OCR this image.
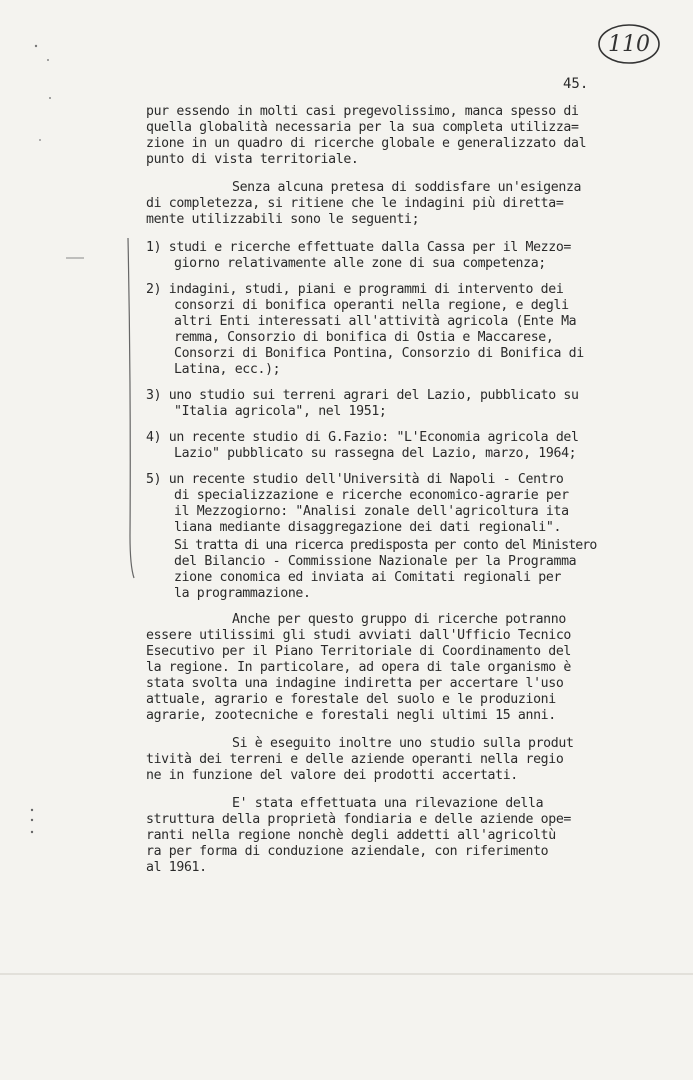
110
45.
pur essendo in molti casi pregevolissimo, manca spesso di
quella globalità necessaria per la sua completa utilizza=
zione in un quadro di ricerche globale e generalizzato dal
punto di vista territoriale.
Senza alcuna pretesa di soddisfare un'esigenza
di completezza, si ritiene che le indagini più diretta=
mente utilizzabili sono le seguenti;
1) studi e ricerche effettuate dalla Cassa per il Mezzo=
giorno relativamente alle zone di sua competenza;
2) indagini, studi, piani e programmi di intervento dei
consorzi di bonifica operanti nella regione, e degli
altri Enti interessati all'attività agricola (Ente Ma
remma, Consorzio di bonifica di Ostia e Maccarese,
Consorzi di Bonifica Pontina, Consorzio di Bonifica di
Latina, ecc.);
3) uno studio sui terreni agrari del Lazio, pubblicato su
"Italia agricola", nel 1951;
4) un recente studio di G.Fazio: "L'Economia agricola del
Lazio" pubblicato su rassegna del Lazio, marzo, 1964;
5) un recente studio dell'Università di Napoli - Centro
di specializzazione e ricerche economico-agrarie per
il Mezzogiorno: "Analisi zonale dell'agricoltura ita
liana mediante disaggregazione dei dati regionali".
Si tratta di una ricerca predisposta per conto del Ministero
del Bilancio - Commissione Nazionale per la Programma
zione conomica ed inviata ai Comitati regionali per
la programmazione.
Anche per questo gruppo di ricerche potranno
essere utilissimi gli studi avviati dall'Ufficio Tecnico
Esecutivo per il Piano Territoriale di Coordinamento del
la regione. In particolare, ad opera di tale organismo è
stata svolta una indagine indiretta per accertare l'uso
attuale, agrario e forestale del suolo e le produzioni
agrarie, zootecniche e forestali negli ultimi 15 anni.
Si è eseguito inoltre uno studio sulla produt
tività dei terreni e delle aziende operanti nella regio
ne in funzione del valore dei prodotti accertati.
E' stata effettuata una rilevazione della
struttura della proprietà fondiaria e delle aziende ope=
ranti nella regione nonchè degli addetti all'agricoltù
ra per forma di conduzione aziendale, con riferimento
al 1961.
